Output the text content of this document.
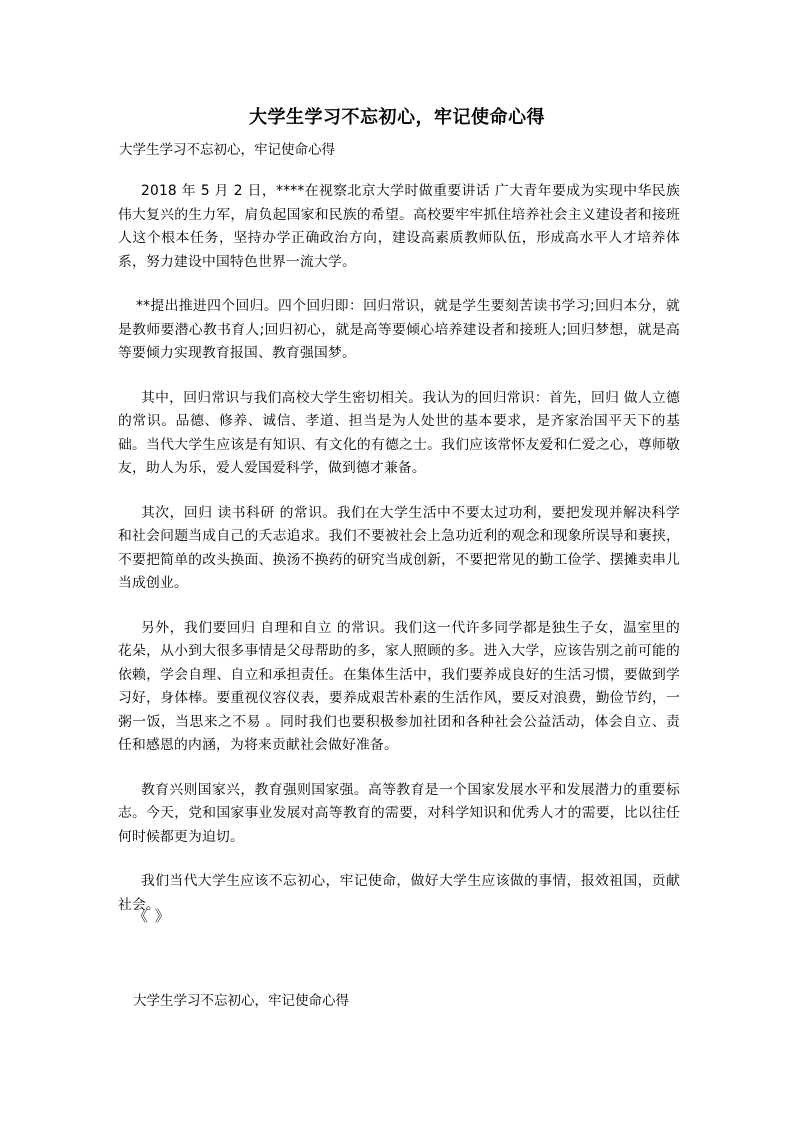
大学生学习不忘初心，牢记使命心得
大学生学习不忘初心，牢记使命心得

2018 年 5 月 2 日，****在视察北京大学时做重要讲话 广大青年要成为实现中华民族伟大复兴的生力军，肩负起国家和民族的希望。高校要牢牢抓住培养社会主义建设者和接班人这个根本任务，坚持办学正确政治方向，建设高素质教师队伍，形成高水平人才培养体系，努力建设中国特色世界一流大学。

**提出推进四个回归。四个回归即：回归常识，就是学生要刻苦读书学习;回归本分，就是教师要潜心教书育人;回归初心，就是高等要倾心培养建设者和接班人;回归梦想，就是高等要倾力实现教育报国、教育强国梦。

其中，回归常识与我们高校大学生密切相关。我认为的回归常识：首先，回归 做人立德的常识。品德、修养、诚信、孝道、担当是为人处世的基本要求，是齐家治国平天下的基础。当代大学生应该是有知识、有文化的有德之士。我们应该常怀友爱和仁爱之心，尊师敬友，助人为乐，爱人爱国爱科学，做到德才兼备。

其次，回归 读书科研 的常识。我们在大学生活中不要太过功利，要把发现并解决科学和社会问题当成自己的夭志追求。我们不要被社会上急功近利的观念和现象所误导和裹挟，不要把简单的改头换面、换汤不换药的研究当成创新，不要把常见的勤工俭学、摆摊卖串儿当成创业。

另外，我们要回归 自理和自立 的常识。我们这一代许多同学都是独生子女，温室里的花朵，从小到大很多事情是父母帮助的多，家人照顾的多。进入大学，应该告别之前可能的依赖，学会自理、自立和承担责任。在集体生活中，我们要养成良好的生活习惯，要做到学习好，身体棒。要重视仪容仪表，要养成艰苦朴素的生活作风，要反对浪费，勤俭节约，一粥一饭，当思来之不易 。同时我们也要积极参加社团和各种社会公益活动，体会自立、责任和感恩的内涵，为将来贡献社会做好准备。

教育兴则国家兴，教育强则国家强。高等教育是一个国家发展水平和发展潜力的重要标志。今天，党和国家事业发展对高等教育的需要，对科学知识和优秀人才的需要，比以往任何时候都更为迫切。

我们当代大学生应该不忘初心，牢记使命，做好大学生应该做的事情，报效祖国，贡献社会。

《 》
大学生学习不忘初心，牢记使命心得
